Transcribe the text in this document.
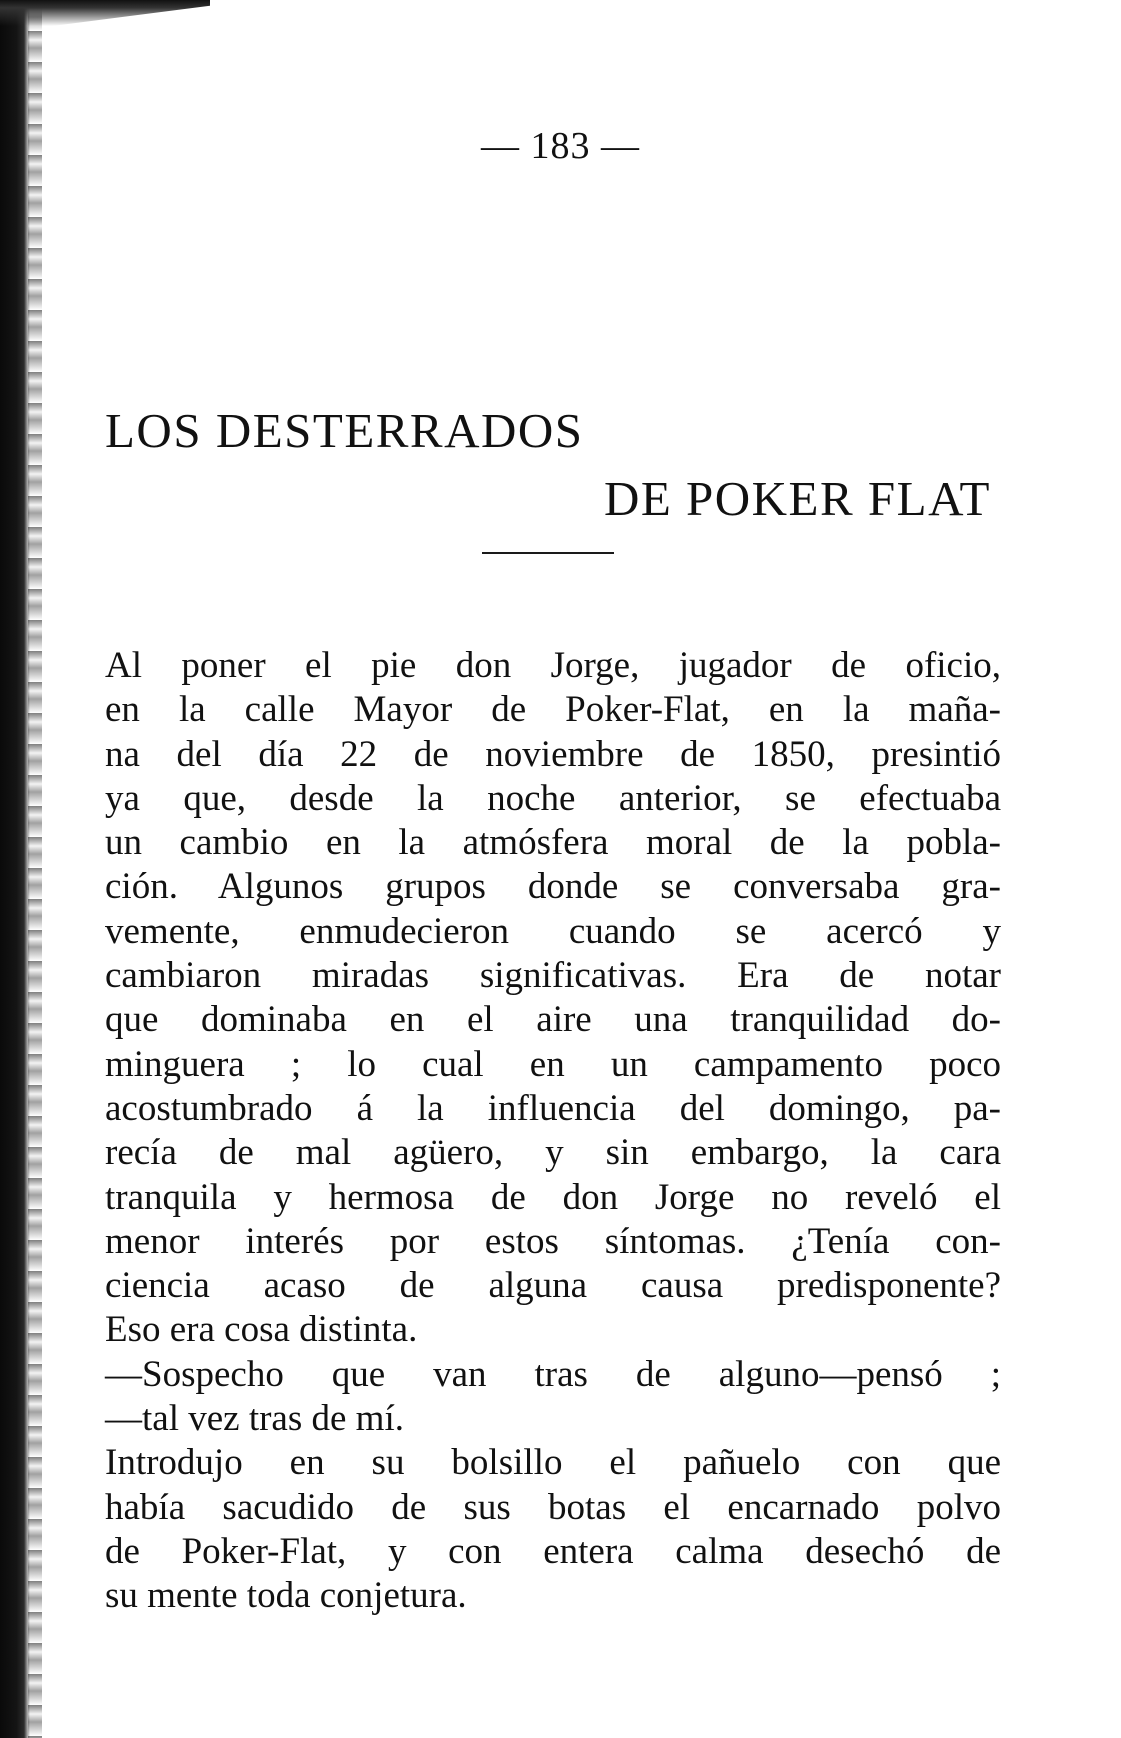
— 183 —
LOS DESTERRADOS
DE POKER FLAT
Al poner el pie don Jorge, jugador de oficio,
en la calle Mayor de Poker-Flat, en la maña-
na del día 22 de noviembre de 1850, presintió
ya que, desde la noche anterior, se efectuaba
un cambio en la atmósfera moral de la pobla-
ción. Algunos grupos donde se conversaba gra-
vemente, enmudecieron cuando se acercó y
cambiaron miradas significativas. Era de notar
que dominaba en el aire una tranquilidad do-
minguera ; lo cual en un campamento poco
acostumbrado á la influencia del domingo, pa-
recía de mal agüero, y sin embargo, la cara
tranquila y hermosa de don Jorge no reveló el
menor interés por estos síntomas. ¿Tenía con-
ciencia acaso de alguna causa predisponente?
Eso era cosa distinta.
—Sospecho que van tras de alguno—pensó ;
—tal vez tras de mí.
Introdujo en su bolsillo el pañuelo con que
había sacudido de sus botas el encarnado polvo
de Poker-Flat, y con entera calma desechó de
su mente toda conjetura.
